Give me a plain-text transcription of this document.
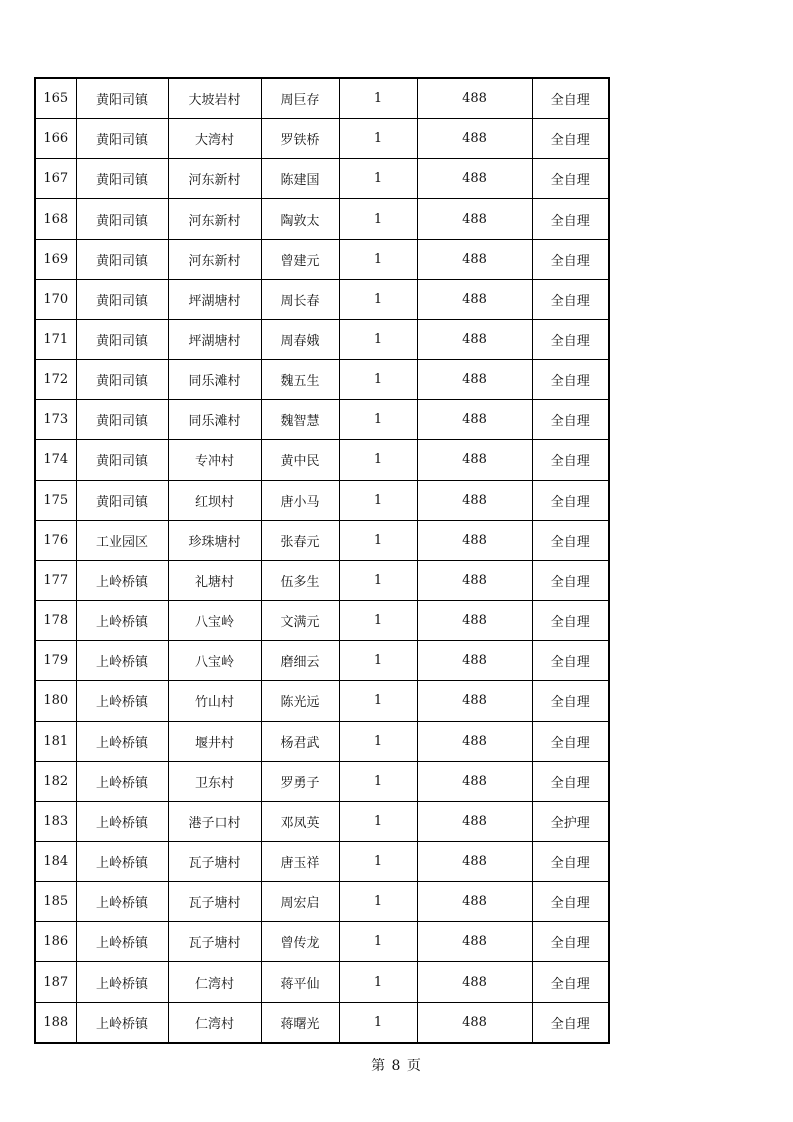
165	黄阳司镇	大坡岩村	周巨存	1	488	全自理
166	黄阳司镇	大湾村	罗铁桥	1	488	全自理
167	黄阳司镇	河东新村	陈建国	1	488	全自理
168	黄阳司镇	河东新村	陶敦太	1	488	全自理
169	黄阳司镇	河东新村	曾建元	1	488	全自理
170	黄阳司镇	坪湖塘村	周长春	1	488	全自理
171	黄阳司镇	坪湖塘村	周春娥	1	488	全自理
172	黄阳司镇	同乐滩村	魏五生	1	488	全自理
173	黄阳司镇	同乐滩村	魏智慧	1	488	全自理
174	黄阳司镇	专冲村	黄中民	1	488	全自理
175	黄阳司镇	红坝村	唐小马	1	488	全自理
176	工业园区	珍珠塘村	张春元	1	488	全自理
177	上岭桥镇	礼塘村	伍多生	1	488	全自理
178	上岭桥镇	八宝岭	文满元	1	488	全自理
179	上岭桥镇	八宝岭	磨细云	1	488	全自理
180	上岭桥镇	竹山村	陈光远	1	488	全自理
181	上岭桥镇	堰井村	杨君武	1	488	全自理
182	上岭桥镇	卫东村	罗勇子	1	488	全自理
183	上岭桥镇	港子口村	邓凤英	1	488	全护理
184	上岭桥镇	瓦子塘村	唐玉祥	1	488	全自理
185	上岭桥镇	瓦子塘村	周宏启	1	488	全自理
186	上岭桥镇	瓦子塘村	曾传龙	1	488	全自理
187	上岭桥镇	仁湾村	蒋平仙	1	488	全自理
188	上岭桥镇	仁湾村	蒋曙光	1	488	全自理
第 8 页
